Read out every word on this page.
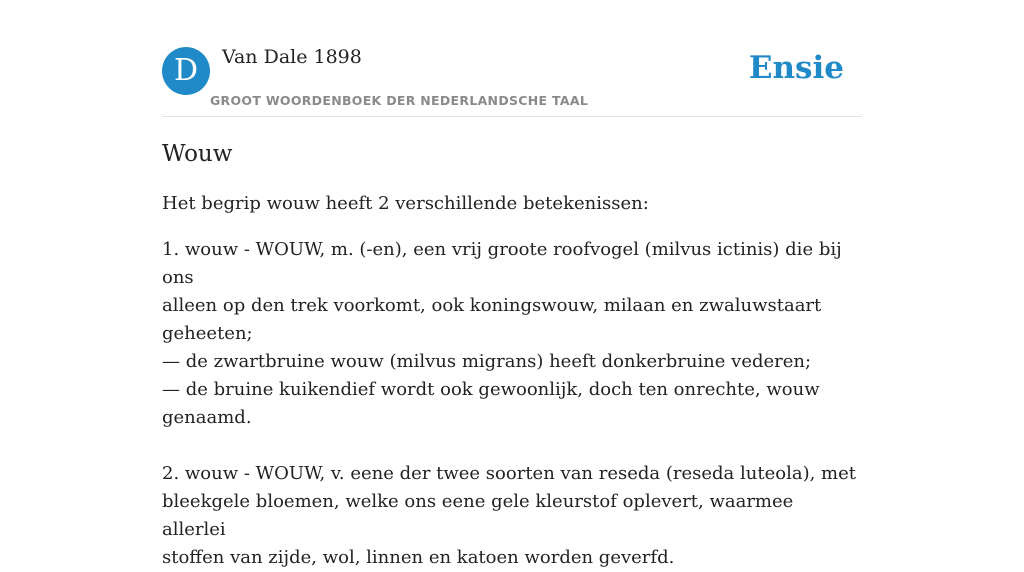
D	Van Dale 1898
GROOT WOORDENBOEK DER NEDERLANDSCHE TAAL
Ensie
Wouw

Het begrip wouw heeft 2 verschillende betekenissen:

1. wouw - WOUW, m. (-en), een vrij groote roofvogel (milvus ictinis) die bij ons
alleen op den trek voorkomt, ook koningswouw, milaan en zwaluwstaart
geheeten;
— de zwartbruine wouw (milvus migrans) heeft donkerbruine vederen;
— de bruine kuikendief wordt ook gewoonlijk, doch ten onrechte, wouw
genaamd.
2. wouw - WOUW, v. eene der twee soorten van reseda (reseda luteola), met
bleekgele bloemen, welke ons eene gele kleurstof oplevert, waarmee allerlei
stoffen van zijde, wol, linnen en katoen worden geverfd.
